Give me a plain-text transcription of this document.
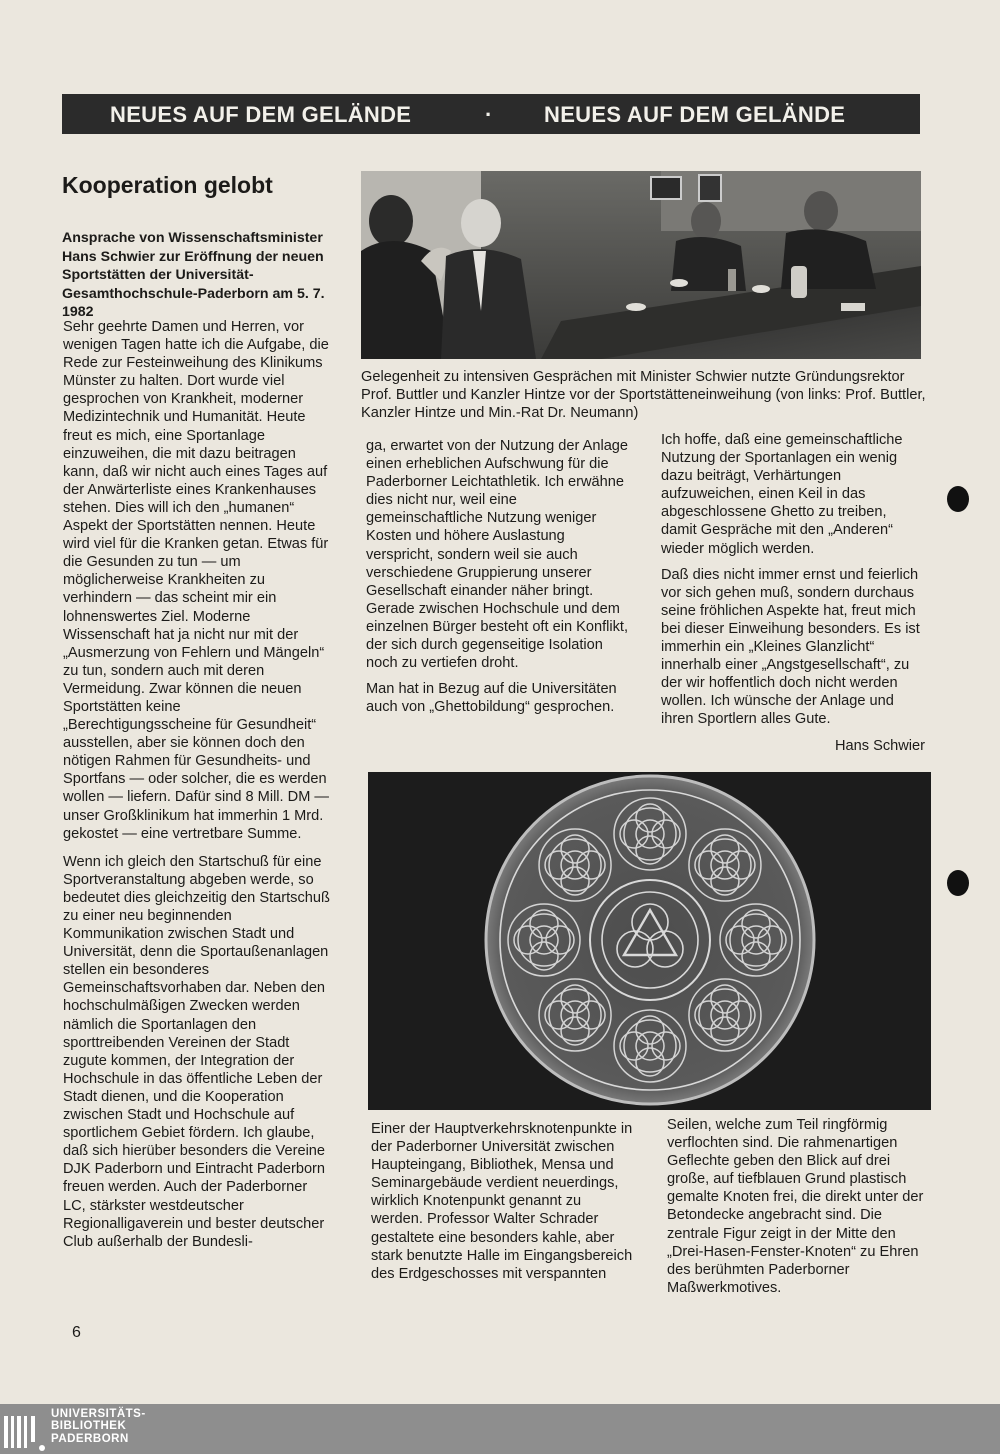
NEUES AUF DEM GELÄNDE	· NEUES AUF DEM GELÄNDE
Kooperation gelobt
Ansprache von Wissenschaftsminister Hans Schwier zur Eröffnung der neuen Sportstätten der Universität-Gesamthochschule-Paderborn am 5. 7. 1982

Sehr geehrte Damen und Herren, vor wenigen Tagen hatte ich die Aufgabe, die Rede zur Festeinweihung des Klinikums Münster zu halten. Dort wurde viel gesprochen von Krankheit, moderner Medizintechnik und Humanität. Heute freut es mich, eine Sportanlage einzuweihen, die mit dazu beitragen kann, daß wir nicht auch eines Tages auf der Anwärterliste eines Krankenhauses stehen. Dies will ich den „humanen“ Aspekt der Sportstätten nennen. Heute wird viel für die Kranken getan. Etwas für die Gesunden zu tun — um möglicherweise Krankheiten zu verhindern — das scheint mir ein lohnenswertes Ziel. Moderne Wissenschaft hat ja nicht nur mit der „Ausmerzung von Fehlern und Mängeln“ zu tun, sondern auch mit deren Vermeidung. Zwar können die neuen Sportstätten keine „Berechtigungsscheine für Gesundheit“ ausstellen, aber sie können doch den nötigen Rahmen für Gesundheits- und Sportfans — oder solcher, die es werden wollen — liefern. Dafür sind 8 Mill. DM — unser Großklinikum hat immerhin 1 Mrd. gekostet — eine vertretbare Summe.

Wenn ich gleich den Startschuß für eine Sportveranstaltung abgeben werde, so bedeutet dies gleichzeitig den Startschuß zu einer neu beginnenden Kommunikation zwischen Stadt und Universität, denn die Sportaußenanlagen stellen ein besonderes Gemeinschaftsvorhaben dar. Neben den hochschulmäßigen Zwecken werden nämlich die Sportanlagen den sporttreibenden Vereinen der Stadt zugute kommen, der Integration der Hochschule in das öffentliche Leben der Stadt dienen, und die Kooperation zwischen Stadt und Hochschule auf sportlichem Gebiet fördern. Ich glaube, daß sich hierüber besonders die Vereine DJK Paderborn und Eintracht Paderborn freuen werden. Auch der Paderborner LC, stärkster westdeutscher Regionalligaverein und bester deutscher Club außerhalb der Bundesli-

Gelegenheit zu intensiven Gesprächen mit Minister Schwier nutzte Gründungsrektor Prof. Buttler und Kanzler Hintze vor der Sportstätteneinweihung (von links: Prof. Buttler, Kanzler Hintze und Min.-Rat Dr. Neumann)

ga, erwartet von der Nutzung der Anlage einen erheblichen Aufschwung für die Paderborner Leichtathletik. Ich erwähne dies nicht nur, weil eine gemeinschaftliche Nutzung weniger Kosten und höhere Auslastung verspricht, sondern weil sie auch verschiedene Gruppierung unserer Gesellschaft einander näher bringt. Gerade zwischen Hochschule und dem einzelnen Bürger besteht oft ein Konflikt, der sich durch gegenseitige Isolation noch zu vertiefen droht.

Man hat in Bezug auf die Universitäten auch von „Ghettobildung“ gesprochen.

Ich hoffe, daß eine gemeinschaftliche Nutzung der Sportanlagen ein wenig dazu beiträgt, Verhärtungen aufzuweichen, einen Keil in das abgeschlossene Ghetto zu treiben, damit Gespräche mit den „Anderen“ wieder möglich werden.

Daß dies nicht immer ernst und feierlich vor sich gehen muß, sondern durchaus seine fröhlichen Aspekte hat, freut mich bei dieser Einweihung besonders. Es ist immerhin ein „Kleines Glanzlicht“ innerhalb einer „Angstgesellschaft“, zu der wir hoffentlich doch nicht werden wollen. Ich wünsche der Anlage und ihren Sportlern alles Gute.

Hans Schwier

Einer der Hauptverkehrsknotenpunkte in der Paderborner Universität zwischen Haupteingang, Bibliothek, Mensa und Seminargebäude verdient neuerdings, wirklich Knotenpunkt genannt zu werden. Professor Walter Schrader gestaltete eine besonders kahle, aber stark benutzte Halle im Eingangsbereich des Erdgeschosses mit verspannten
Seilen, welche zum Teil ringförmig verflochten sind. Die rahmenartigen Geflechte geben den Blick auf drei große, auf tiefblauen Grund plastisch gemalte Knoten frei, die direkt unter der Betondecke angebracht sind. Die zentrale Figur zeigt in der Mitte den „Drei-Hasen-Fenster-Knoten“ zu Ehren des berühmten Paderborner Maßwerkmotives.
6
UNIVERSITÄTS-
BIBLIOTHEK
PADERBORN
